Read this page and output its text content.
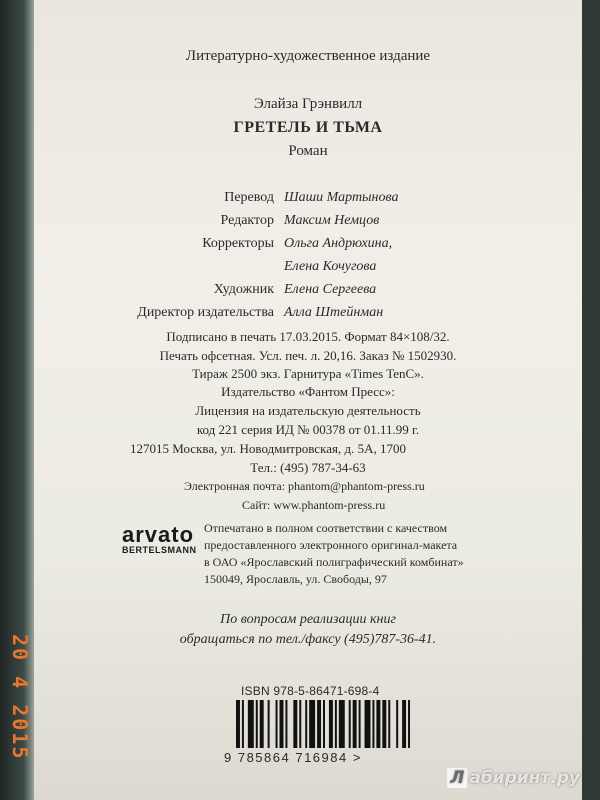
Литературно-художественное издание
Элайза Грэнвилл
ГРЕТЕЛЬ И ТЬМА
Роман
Перевод Шаши Мартынова
Редактор Максим Немцов
Корректоры Ольга Андрюхина,
Елена Кочугова
Художник Елена Сергеева
Директор издательства Алла Штейнман
Подписано в печать 17.03.2015. Формат 84×108/32.
Печать офсетная. Усл. печ. л. 20,16. Заказ № 1502930.
Тираж 2500 экз. Гарнитура «Times TenC».
Издательство «Фантом Пресс»:
Лицензия на издательскую деятельность
код 221 серия ИД № 00378 от 01.11.99 г.
127015 Москва, ул. Новодмитровская, д. 5А, 1700
Тел.: (495) 787-34-63
arvato
BERTELSMANN
Отпечатано в полном соответствии с качеством
предоставленного электронного оригинал-макета
в ОАО «Ярославский полиграфический комбинат»
150049, Ярославль, ул. Свободы, 97
По вопросам реализации книг
обращаться по тел./факсу (495)787-36-41.
ISBN 978-5-86471-698-4
9 785864 716984 >
Электронная почта: phantom@phantom-press.ru
Сайт: www.phantom-press.ru
20 4 2015
Л абиринт.ру
